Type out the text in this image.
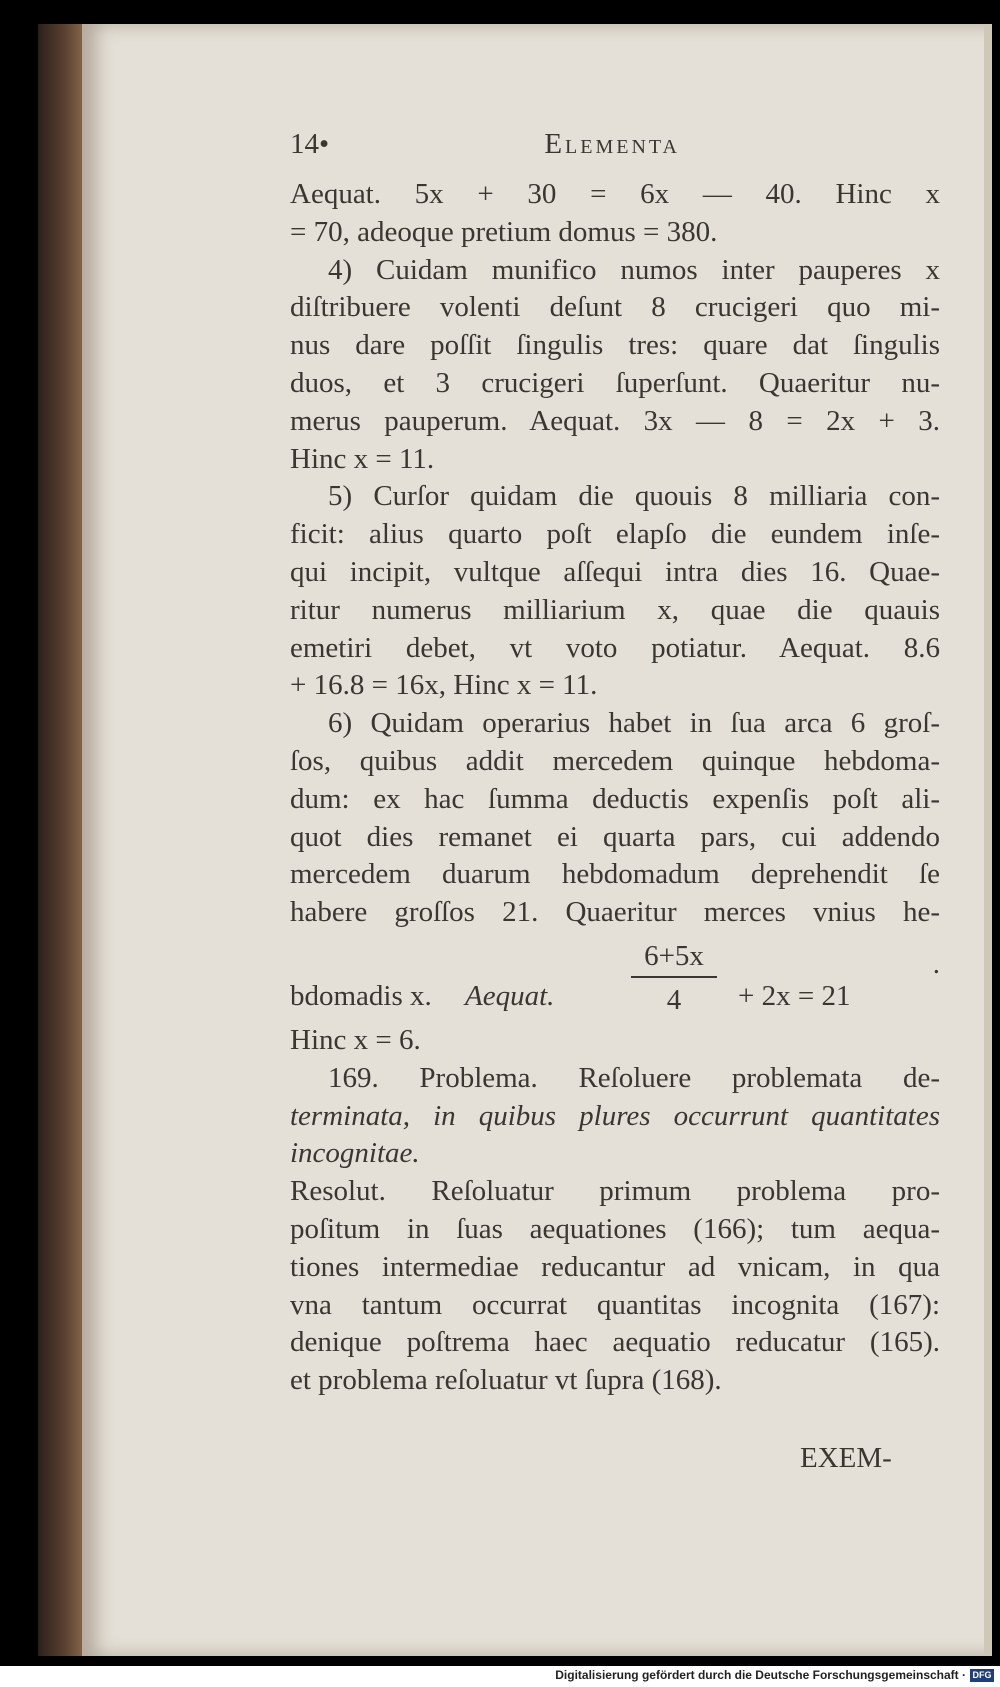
14•	Elementa
Aequat. 5x + 30 = 6x — 40. Hinc x
= 70, adeoque pretium domus = 380.
4) Cuidam munifico numos inter pauperes x
diſtribuere volenti deſunt 8 crucigeri quo mi-
nus dare poſſit ſingulis tres: quare dat ſingulis
duos, et 3 crucigeri ſuperſunt. Quaeritur nu-
merus pauperum. Aequat. 3x — 8 = 2x + 3.
Hinc x = 11.
5) Curſor quidam die quouis 8 milliaria con-
ficit: alius quarto poſt elapſo die eundem inſe-
qui incipit, vultque aſſequi intra dies 16. Quae-
ritur numerus milliarium x, quae die quauis
emetiri debet, vt voto potiatur. Aequat. 8.6
+ 16.8 = 16x, Hinc x = 11.
6) Quidam operarius habet in ſua arca 6 groſ-
ſos, quibus addit mercedem quinque hebdoma-
dum: ex hac ſumma deductis expenſis poſt ali-
quot dies remanet ei quarta pars, cui addendo
mercedem duarum hebdomadum deprehendit ſe
habere groſſos 21. Quaeritur merces vnius he-
bdomadis x. Aequat.
6+5x
4	+ 2x = 21
.
Hinc x = 6.
169. Problema. Reſoluere problemata de-
terminata, in quibus plures occurrunt quantitates
incognitae.
Resolut. Reſoluatur primum problema pro-
poſitum in ſuas aequationes (166); tum aequa-
tiones intermediae reducantur ad vnicam, in qua
vna tantum occurrat quantitas incognita (167):
denique poſtrema haec aequatio reducatur (165).
et problema reſoluatur vt ſupra (168).
EXEM-
Digitalisierung gefördert durch die Deutsche Forschungsgemeinschaft · DFG
